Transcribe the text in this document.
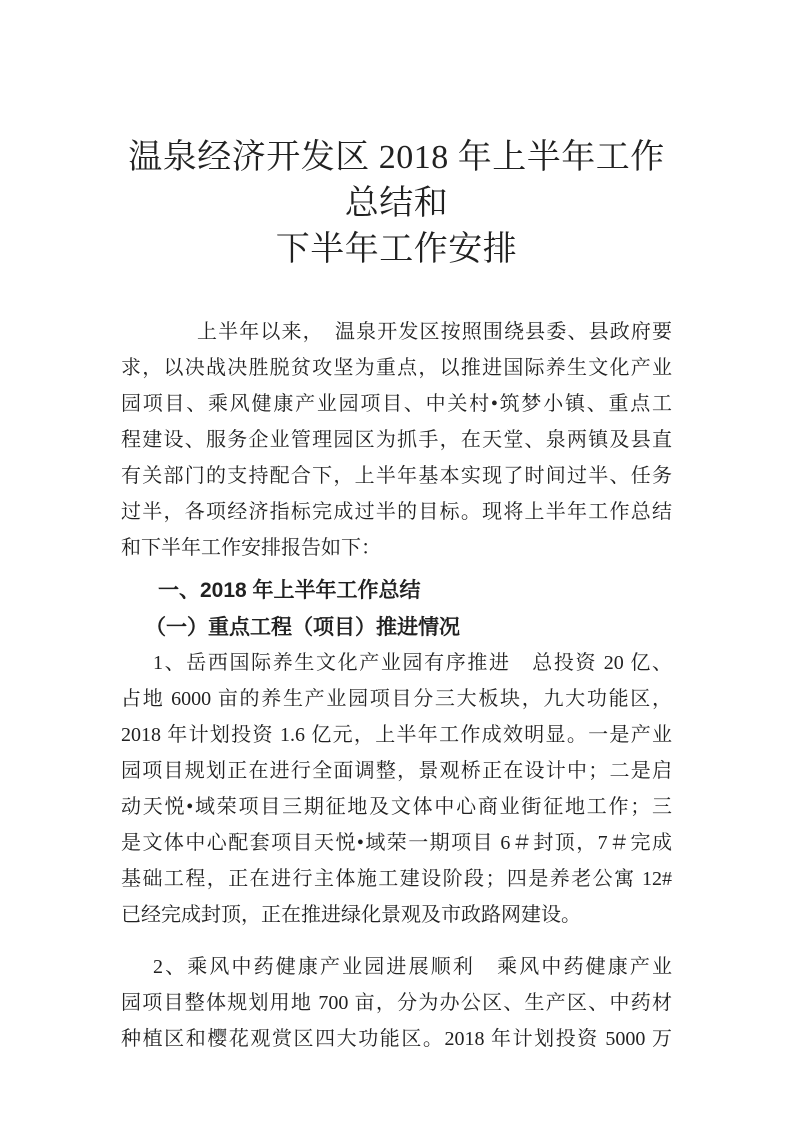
温泉经济开发区 2018 年上半年工作总结和
下半年工作安排
上半年以来，　温泉开发区按照围绕县委、县政府要
求，以决战决胜脱贫攻坚为重点，以推进国际养生文化产业
园项目、乘风健康产业园项目、中关村•筑梦小镇、重点工
程建设、服务企业管理园区为抓手，在天堂、泉两镇及县直
有关部门的支持配合下，上半年基本实现了时间过半、任务
过半，各项经济指标完成过半的目标。现将上半年工作总结
和下半年工作安排报告如下：
一、2018 年上半年工作总结
（一）重点工程（项目）推进情况
1、岳西国际养生文化产业园有序推进　总投资 20 亿、
占地 6000 亩的养生产业园项目分三大板块，九大功能区，
2018 年计划投资 1.6 亿元，上半年工作成效明显。一是产业
园项目规划正在进行全面调整，景观桥正在设计中；二是启
动天悦•域荣项目三期征地及文体中心商业街征地工作；三
是文体中心配套项目天悦•域荣一期项目 6＃封顶，7＃完成
基础工程，正在进行主体施工建设阶段；四是养老公寓 12#
已经完成封顶，正在推进绿化景观及市政路网建设。
2、乘风中药健康产业园进展顺利　乘风中药健康产业
园项目整体规划用地 700 亩，分为办公区、生产区、中药材
种植区和樱花观赏区四大功能区。2018 年计划投资 5000 万
